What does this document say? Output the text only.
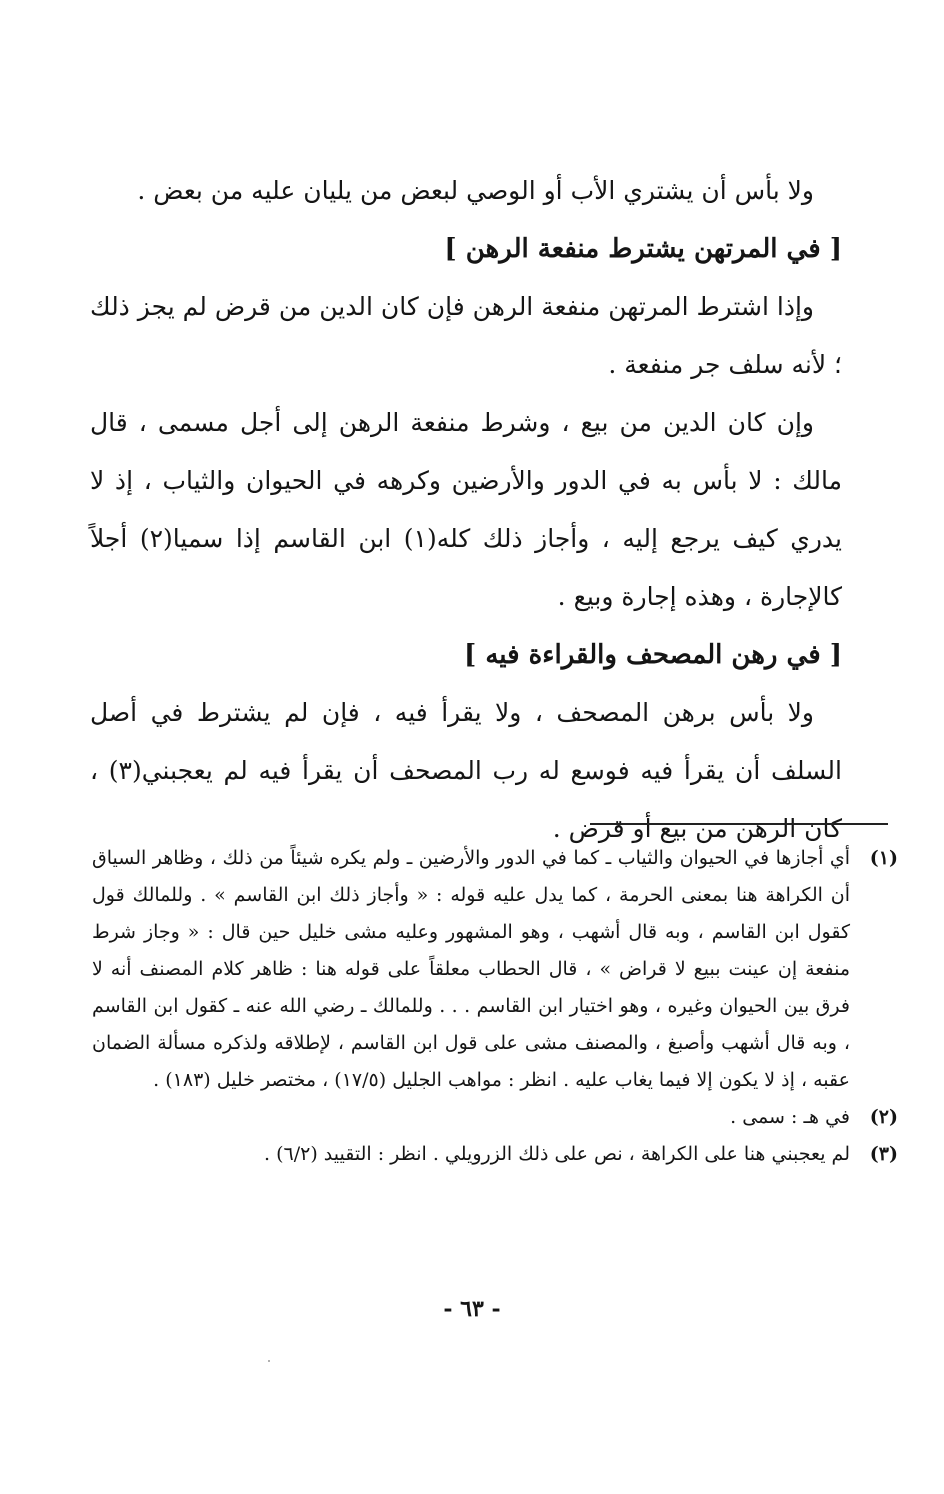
ولا بأس أن يشتري الأب أو الوصي لبعض من يليان عليه من بعض .

[ في المرتهن يشترط منفعة الرهن ]

وإذا اشترط المرتهن منفعة الرهن فإن كان الدين من قرض لم يجز ذلك ؛ لأنه سلف جر منفعة .

وإن كان الدين من بيع ، وشرط منفعة الرهن إلى أجل مسمى ، قال مالك : لا بأس به في الدور والأرضين وكرهه في الحيوان والثياب ، إذ لا يدري كيف يرجع إليه ، وأجاز ذلك كله(١) ابن القاسم إذا سميا(٢) أجلاً كالإجارة ، وهذه إجارة وبيع .

[ في رهن المصحف والقراءة فيه ]

ولا بأس برهن المصحف ، ولا يقرأ فيه ، فإن لم يشترط في أصل السلف أن يقرأ فيه فوسع له رب المصحف أن يقرأ فيه لم يعجبني(٣) ، كان الرهن من بيع أو قرض .

(١)
أي أجازها في الحيوان والثياب ـ كما في الدور والأرضين ـ ولم يكره شيئاً من ذلك ، وظاهر السياق أن الكراهة هنا بمعنى الحرمة ، كما يدل عليه قوله : « وأجاز ذلك ابن القاسم » . وللمالك قول كقول ابن القاسم ، وبه قال أشهب ، وهو المشهور وعليه مشى خليل حين قال : « وجاز شرط منفعة إن عينت ببيع لا قراض » ، قال الحطاب معلقاً على قوله هنا : ظاهر كلام المصنف أنه لا فرق بين الحيوان وغيره ، وهو اختيار ابن القاسم . . . وللمالك ـ رضي الله عنه ـ كقول ابن القاسم ، وبه قال أشهب وأصبغ ، والمصنف مشى على قول ابن القاسم ، لإطلاقه ولذكره مسألة الضمان عقبه ، إذ لا يكون إلا فيما يغاب عليه . انظر : مواهب الجليل (١٧/٥) ، مختصر خليل (١٨٣) .
(٢)
في هـ : سمى .
(٣)
لم يعجبني هنا على الكراهة ، نص على ذلك الزرويلي . انظر : التقييد (٦/٢) .
- ٦٣ -
